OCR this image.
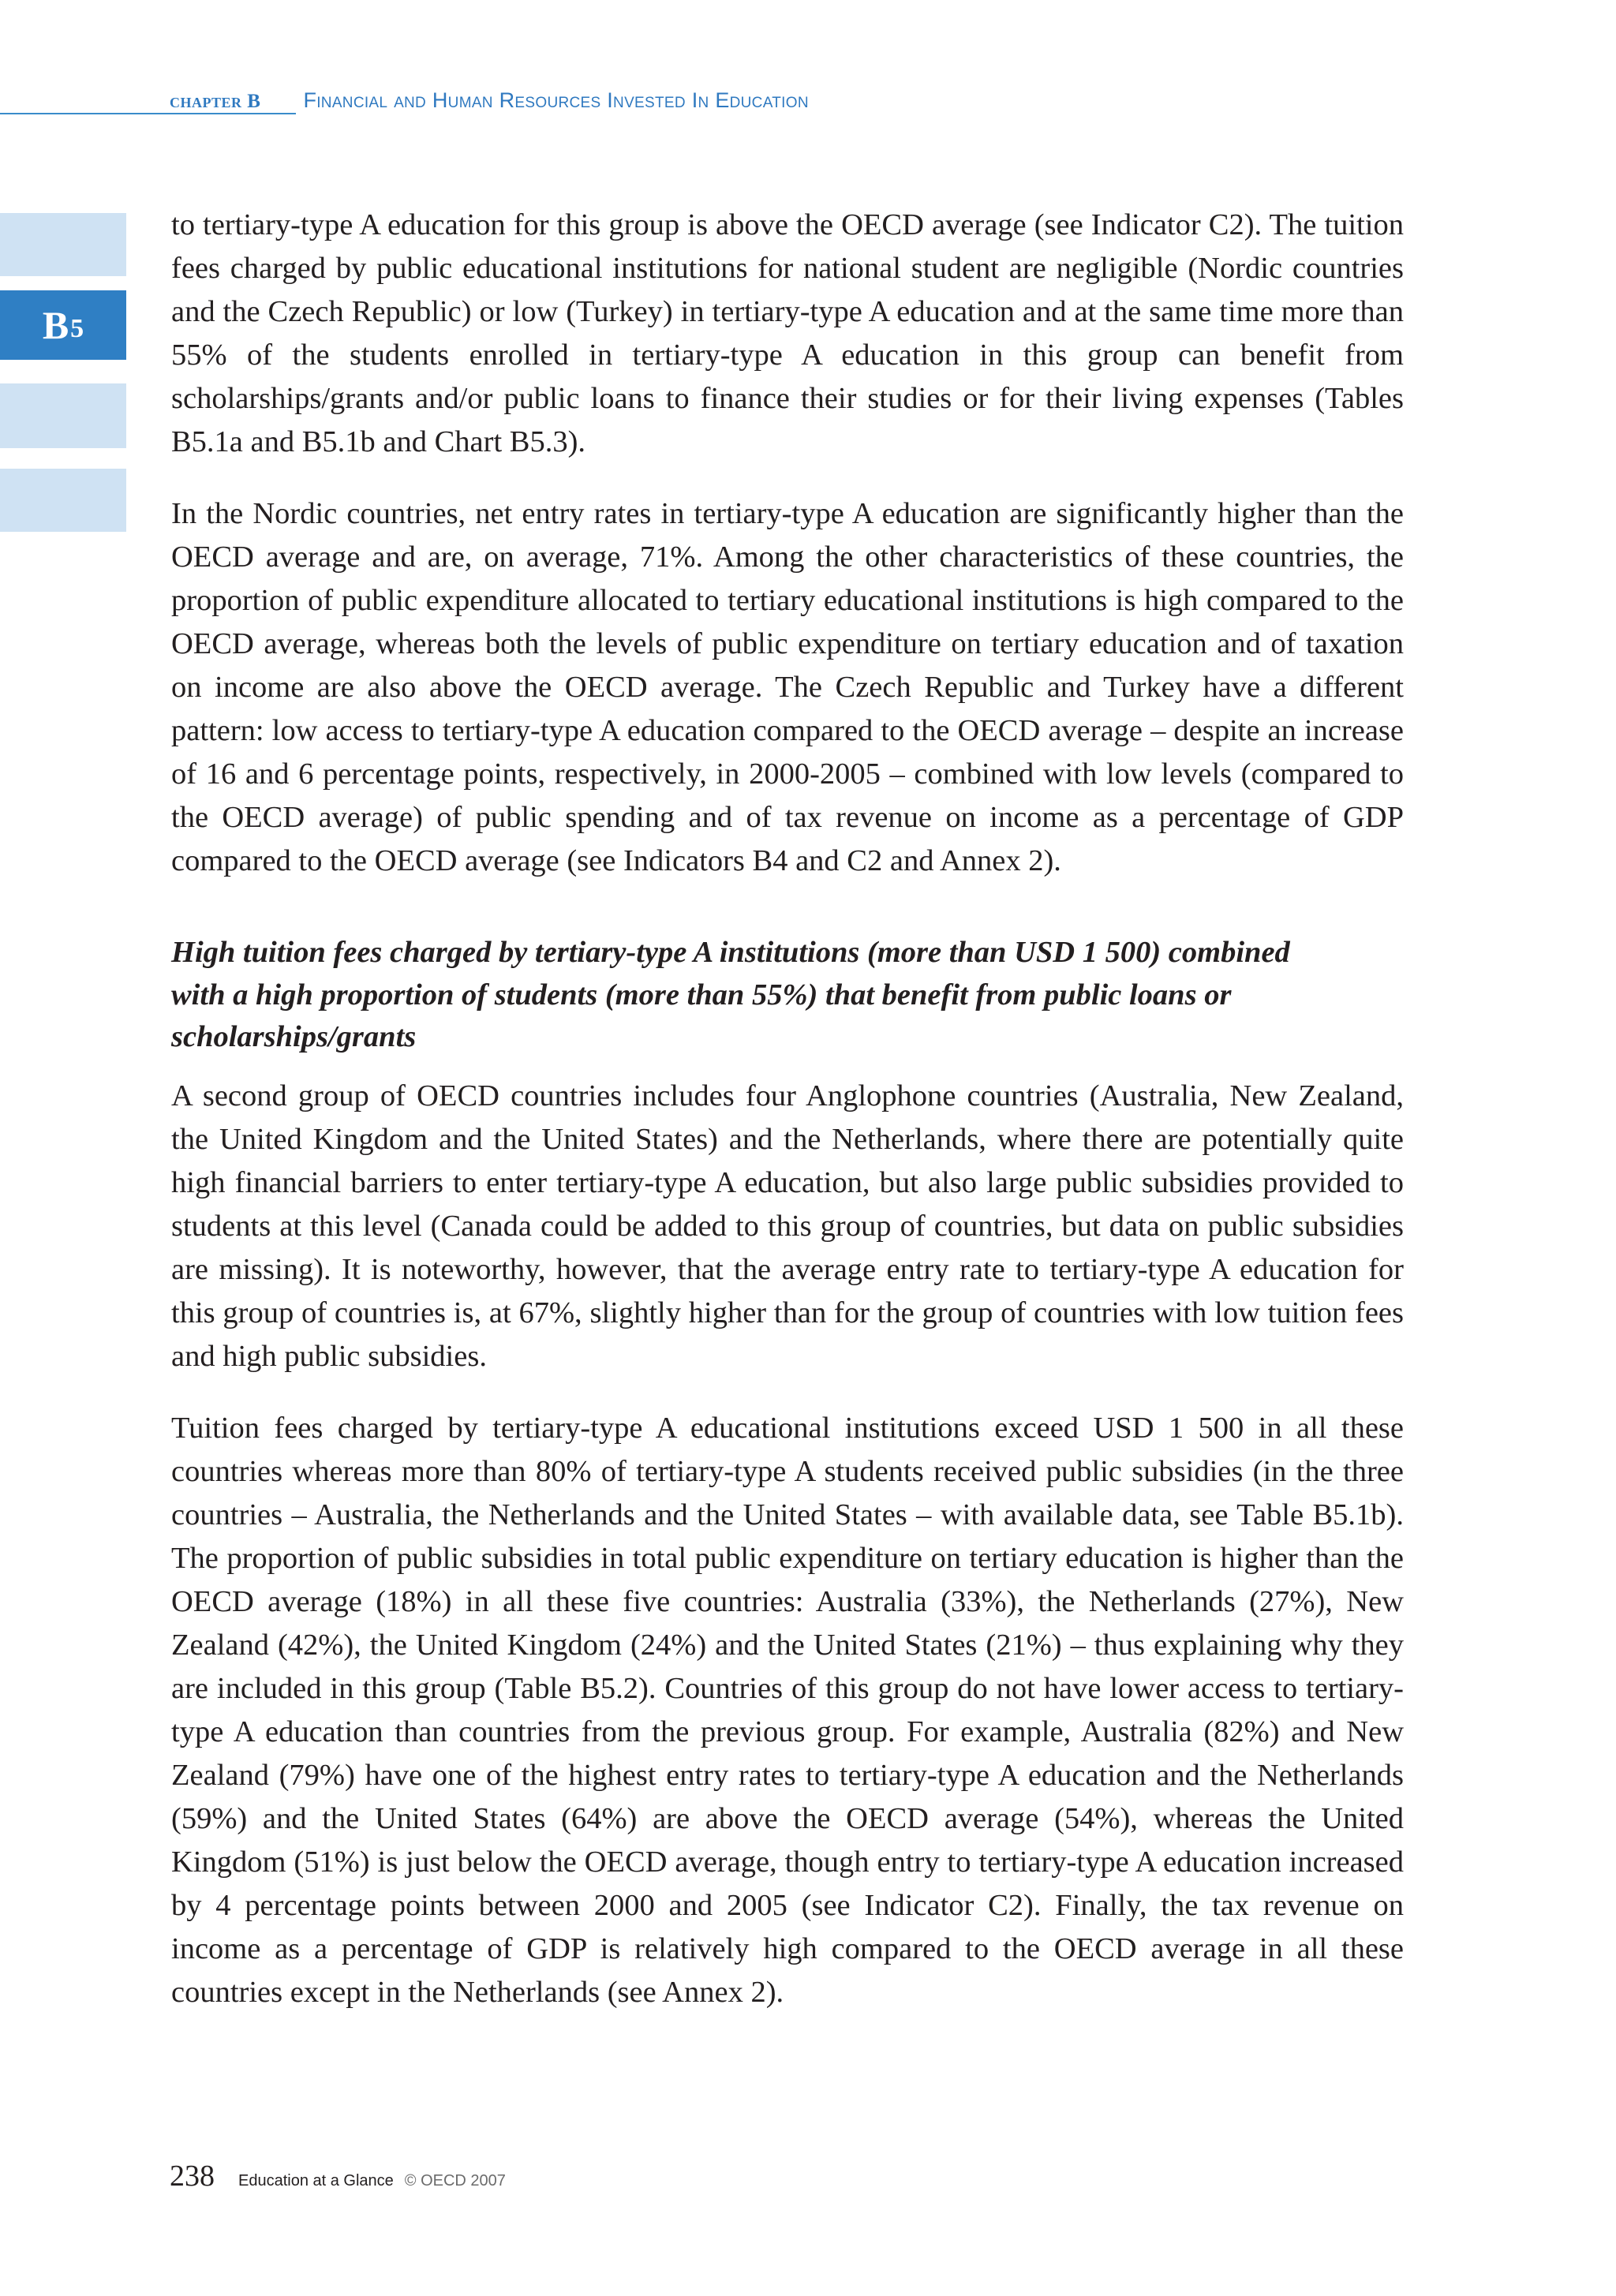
chapter B Financial and Human Resources Invested In Education
B 5

to tertiary-type A education for this group is above the OECD average (see Indicator C2). The tuition fees charged by public educational institutions for national student are negligible (Nordic countries and the Czech Republic) or low (Turkey) in tertiary-type A education and at the same time more than 55% of the students enrolled in tertiary-type A education in this group can benefit from scholarships/grants and/or public loans to finance their studies or for their living expenses (Tables B5.1a and B5.1b and Chart B5.3).

In the Nordic countries, net entry rates in tertiary-type A education are significantly higher than the OECD average and are, on average, 71%. Among the other characteristics of these countries, the proportion of public expenditure allocated to tertiary educational institutions is high compared to the OECD average, whereas both the levels of public expenditure on tertiary education and of taxation on income are also above the OECD average. The Czech Republic and Turkey have a different pattern: low access to tertiary-type A education compared to the OECD average – despite an increase of 16 and 6 percentage points, respectively, in 2000-2005 – combined with low levels (compared to the OECD average) of public spending and of tax revenue on income as a percentage of GDP compared to the OECD average (see Indicators B4 and C2 and Annex 2).

High tuition fees charged by tertiary-type A institutions (more than USD 1 500) combined with a high proportion of students (more than 55%) that benefit from public loans or scholarships/grants

A second group of OECD countries includes four Anglophone countries (Australia, New Zealand, the United Kingdom and the United States) and the Netherlands, where there are potentially quite high financial barriers to enter tertiary-type A education, but also large public subsidies provided to students at this level (Canada could be added to this group of countries, but data on public subsidies are missing). It is noteworthy, however, that the average entry rate to tertiary-type A education for this group of countries is, at 67%, slightly higher than for the group of countries with low tuition fees and high public subsidies.

Tuition fees charged by tertiary-type A educational institutions exceed USD 1 500 in all these countries whereas more than 80% of tertiary-type A students received public subsidies (in the three countries – Australia, the Netherlands and the United States – with available data, see Table B5.1b). The proportion of public subsidies in total public expenditure on tertiary education is higher than the OECD average (18%) in all these five countries: Australia (33%), the Netherlands (27%), New Zealand (42%), the United Kingdom (24%) and the United States (21%) – thus explaining why they are included in this group (Table B5.2). Countries of this group do not have lower access to tertiary-type A education than countries from the previous group. For example, Australia (82%) and New Zealand (79%) have one of the highest entry rates to tertiary-type A education and the Netherlands (59%) and the United States (64%) are above the OECD average (54%), whereas the United Kingdom (51%) is just below the OECD average, though entry to tertiary-type A education increased by 4 percentage points between 2000 and 2005 (see Indicator C2). Finally, the tax revenue on income as a percentage of GDP is relatively high compared to the OECD average in all these countries except in the Netherlands (see Annex 2).

238 Education at a Glance © OECD 2007
